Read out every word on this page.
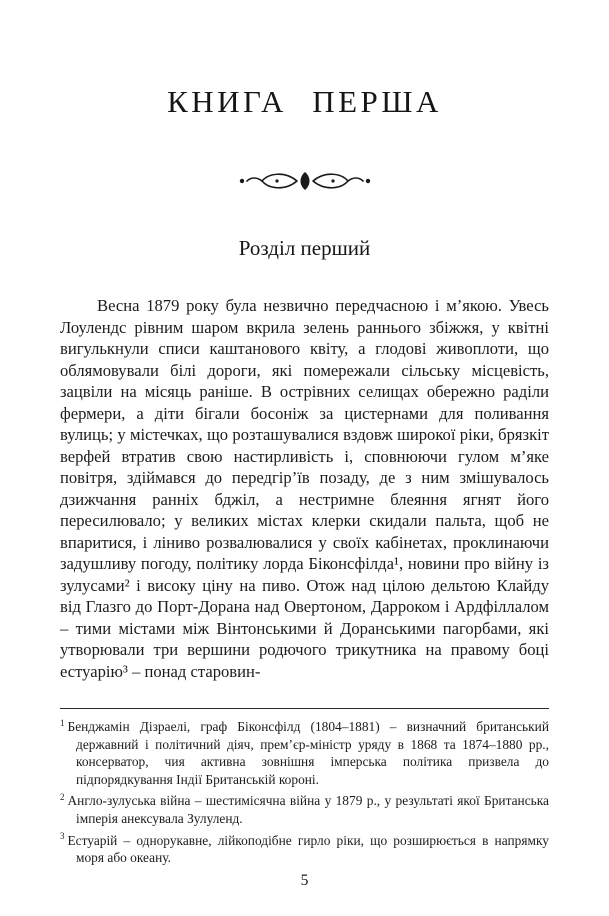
КНИГА ПЕРША
Розділ перший

Весна 1879 року була незвично передчасною і м’якою. Увесь Лоулендс рівним шаром вкрила зелень раннього збіжжя, у квітні вигулькнули списи каштанового квіту, а глодові живоплоти, що облямовували білі дороги, які помережали сільську місцевість, зацвіли на місяць раніше. В острівних селищах обережно раділи фермери, а діти бігали босоніж за цистернами для поливання вулиць; у містечках, що розташувалися вздовж широкої ріки, брязкіт верфей втратив свою настирливість і, сповнюючи гулом м’яке повітря, здіймався до передгір’їв позаду, де з ним змішувалось дзижчання ранніх бджіл, а нестримне блеяння ягнят його пересилювало; у великих містах клерки скидали пальта, щоб не впаритися, і ліниво розвалювалися у своїх кабінетах, проклинаючи задушливу погоду, політику лорда Біконсфілда¹, новини про війну із зулусами² і високу ціну на пиво. Отож над цілою дельтою Клайду від Глазго до Порт-Дорана над Овертоном, Дарроком і Ардфіллалом – тими містами між Вінтонськими й Доранськими пагорбами, які утворювали три вершини родючого трикутника на правому боці естуарію³ – понад старовин-

$^1$ Бенджамін Дізраелі, граф Біконсфілд (1804–1881) – визначний британський державний і політичний діяч, прем’єр-міністр уряду в 1868 та 1874–1880 рр., консерватор, чия активна зовнішня імперська політика призвела до підпорядкування Індії Британській короні.

$^2$ Англо-зулуська війна – шестимісячна війна у 1879 р., у результаті якої Британська імперія анексувала Зулуленд.

$^3$ Естуарій – однорукавне, лійкоподібне гирло ріки, що розширюється в напрямку моря або океану.

5
